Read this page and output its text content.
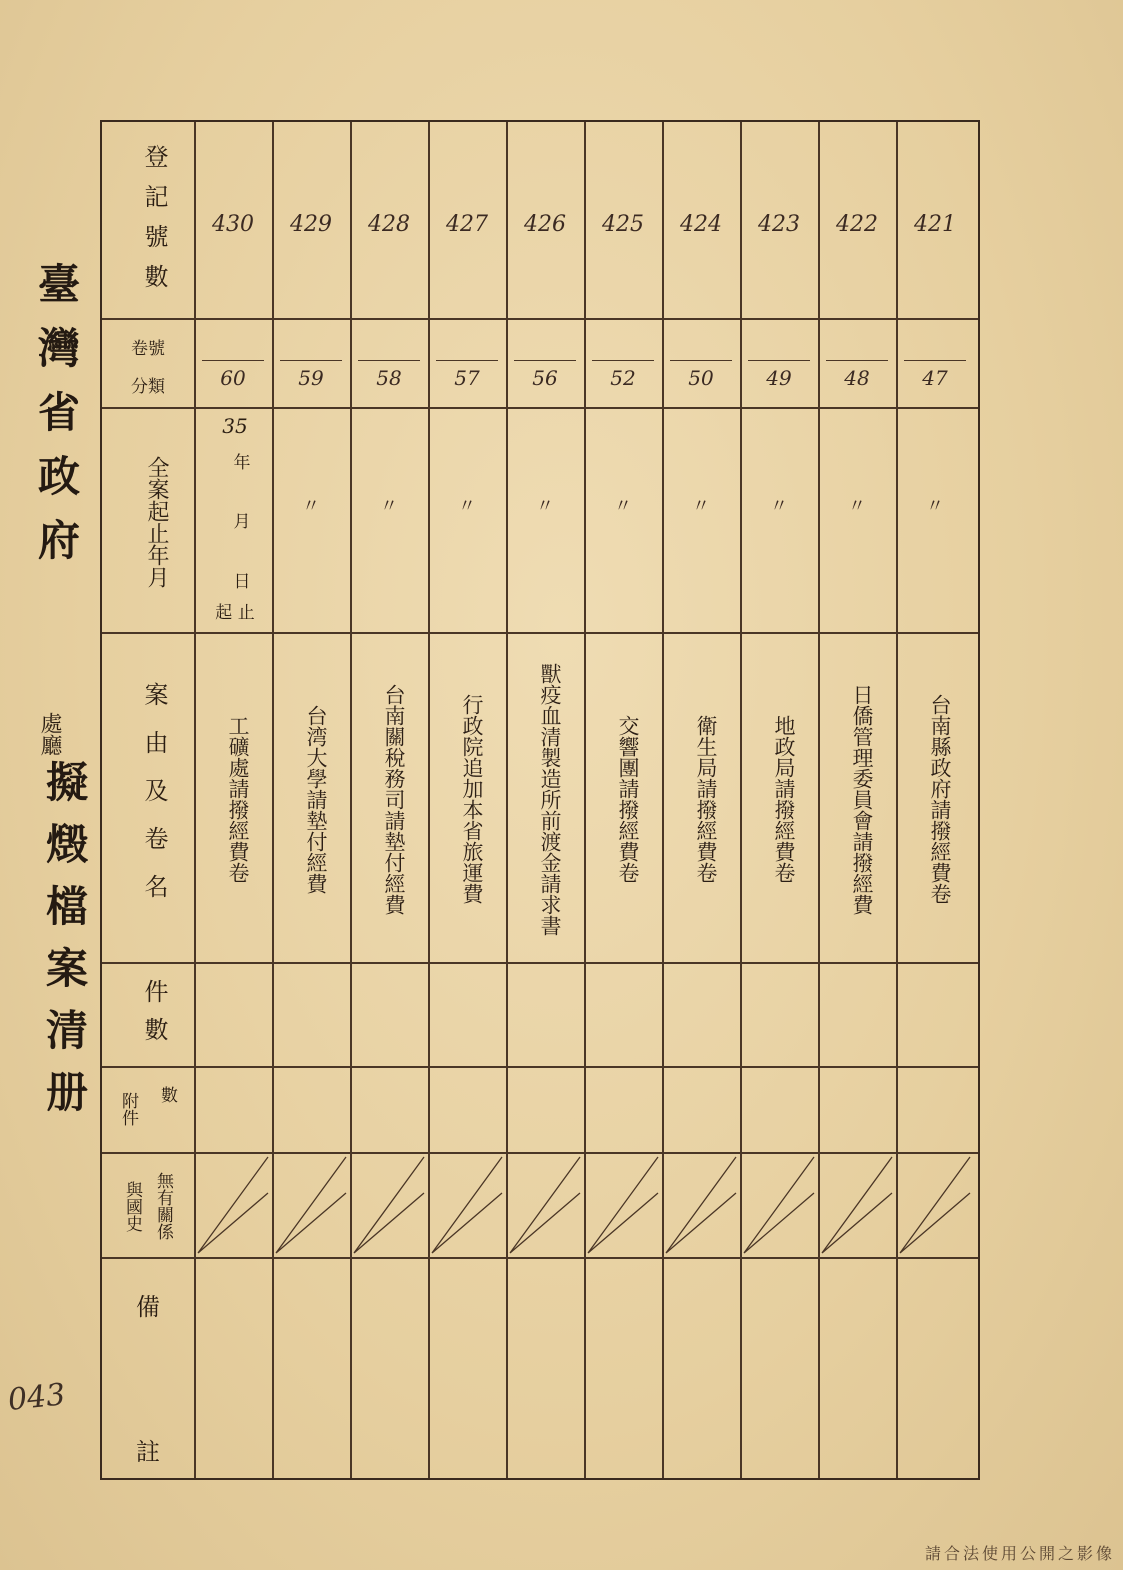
臺灣省政府
處廳
擬燬檔案清册
登記號數
卷號
分類
全案起止年月
案由及卷名
件數
附件 數
與國史 無有關係
備
註
35
年
月
日
起 止
430
60
工礦處請撥經費卷
429
59
〃
台湾大學請墊付經費
428
58
〃
台南關稅務司請墊付經費
427
57
〃
行政院追加本省旅運費
426
56
〃
獸疫血清製造所前渡金請求書
425
52
〃
交響團請撥經費卷
424
50
〃
衛生局請撥經費卷
423
49
〃
地政局請撥經費卷
422
48
〃
日僑管理委員會請撥經費
421
47
〃
台南縣政府請撥經費卷
043
請合法使用公開之影像
